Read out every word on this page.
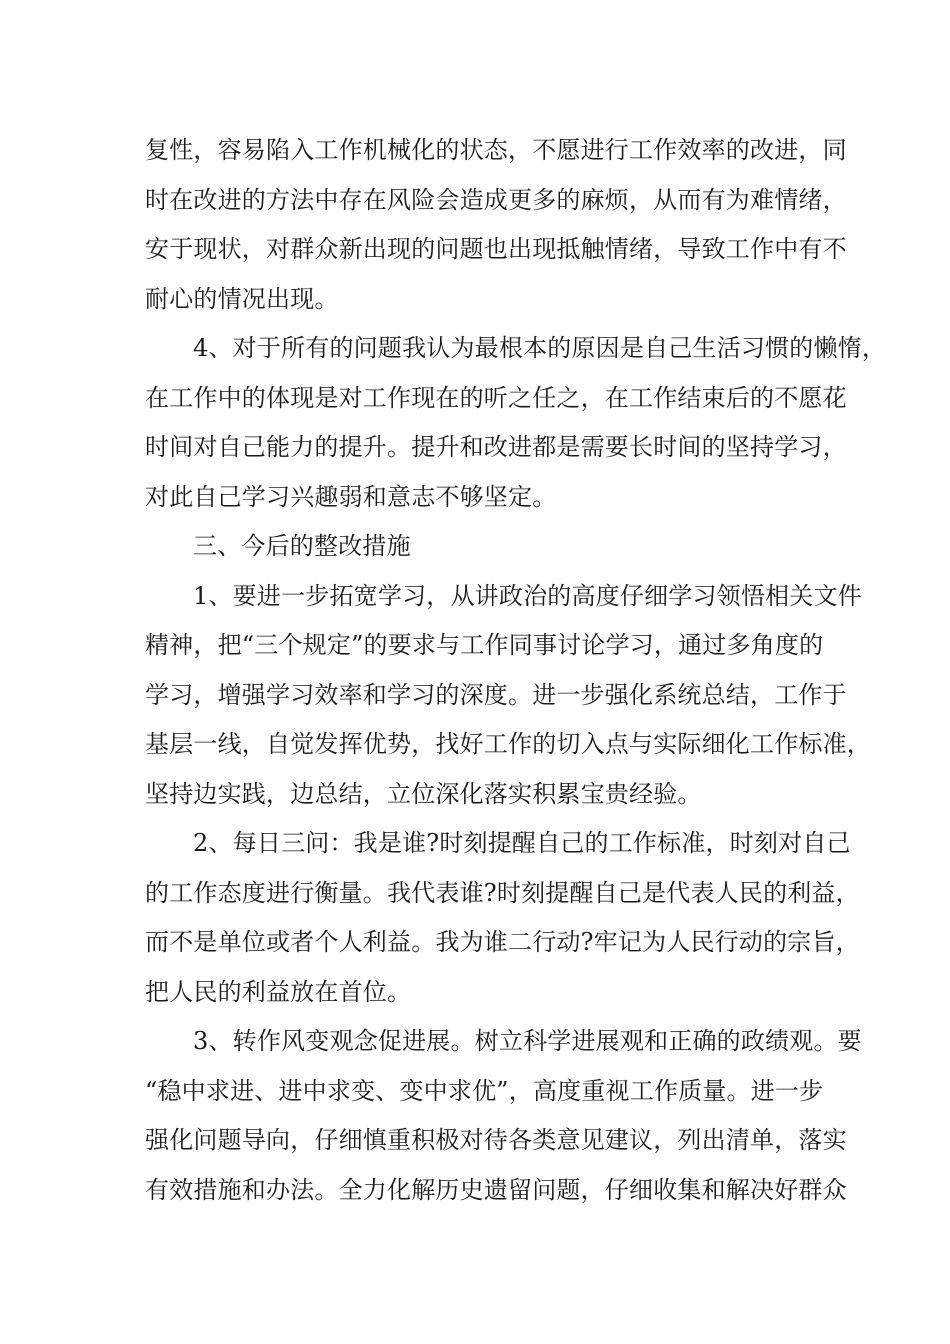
复性，容易陷入工作机械化的状态，不愿进行工作效率的改进，同
时在改进的方法中存在风险会造成更多的麻烦，从而有为难情绪，
安于现状，对群众新出现的问题也出现抵触情绪，导致工作中有不
耐心的情况出现。
4、对于所有的问题我认为最根本的原因是自己生活习惯的懒惰，
在工作中的体现是对工作现在的听之任之，在工作结束后的不愿花
时间对自己能力的提升。提升和改进都是需要长时间的坚持学习，
对此自己学习兴趣弱和意志不够坚定。
三、今后的整改措施
1、要进一步拓宽学习，从讲政治的高度仔细学习领悟相关文件
精神，把“三个规定”的要求与工作同事讨论学习，通过多角度的
学习，增强学习效率和学习的深度。进一步强化系统总结，工作于
基层一线，自觉发挥优势，找好工作的切入点与实际细化工作标准，
坚持边实践，边总结，立位深化落实积累宝贵经验。
2、每日三问：我是谁?时刻提醒自己的工作标准，时刻对自己
的工作态度进行衡量。我代表谁?时刻提醒自己是代表人民的利益，
而不是单位或者个人利益。我为谁二行动?牢记为人民行动的宗旨，
把人民的利益放在首位。
3、转作风变观念促进展。树立科学进展观和正确的政绩观。要
“稳中求进、进中求变、变中求优”，高度重视工作质量。进一步
强化问题导向，仔细慎重积极对待各类意见建议，列出清单，落实
有效措施和办法。全力化解历史遗留问题，仔细收集和解决好群众
